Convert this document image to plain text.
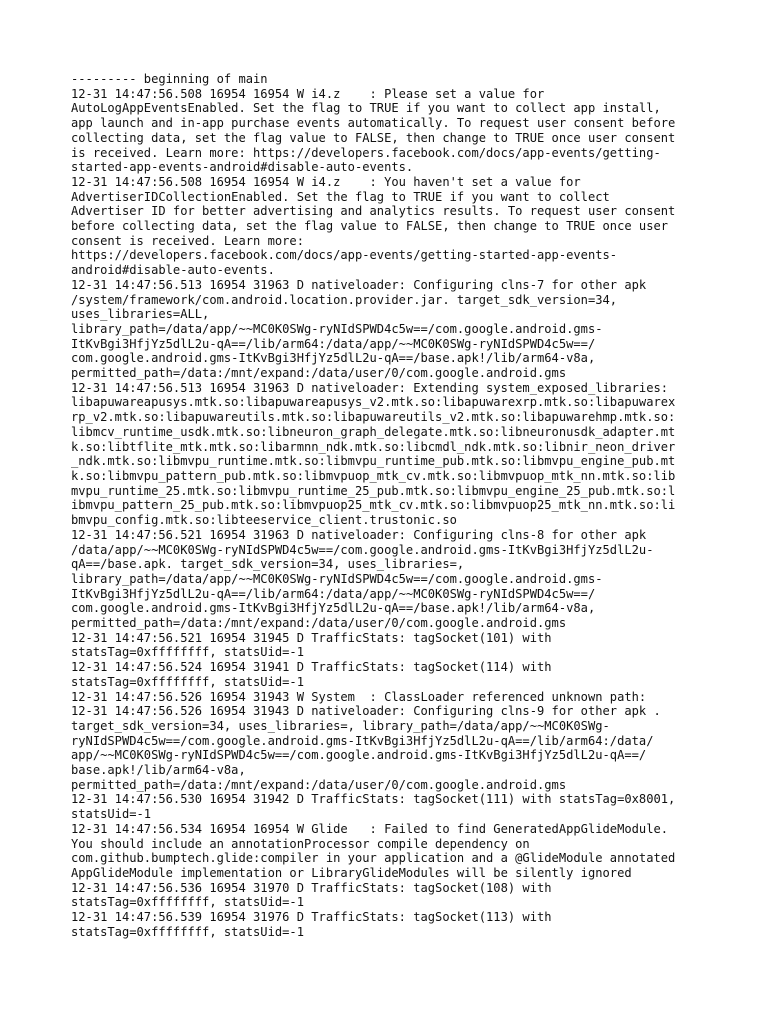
--------- beginning of main

12-31 14:47:56.508 16954 16954 W i4.z    : Please set a value for

AutoLogAppEventsEnabled. Set the flag to TRUE if you want to collect app install,

app launch and in-app purchase events automatically. To request user consent before

collecting data, set the flag value to FALSE, then change to TRUE once user consent

is received. Learn more: https://developers.facebook.com/docs/app-events/getting-

started-app-events-android#disable-auto-events.

12-31 14:47:56.508 16954 16954 W i4.z    : You haven't set a value for

AdvertiserIDCollectionEnabled. Set the flag to TRUE if you want to collect

Advertiser ID for better advertising and analytics results. To request user consent

before collecting data, set the flag value to FALSE, then change to TRUE once user

consent is received. Learn more:

https://developers.facebook.com/docs/app-events/getting-started-app-events-

android#disable-auto-events.

12-31 14:47:56.513 16954 31963 D nativeloader: Configuring clns-7 for other apk

/system/framework/com.android.location.provider.jar. target_sdk_version=34,

uses_libraries=ALL,

library_path=/data/app/~~MC0K0SWg-ryNIdSPWD4c5w==/com.google.android.gms-

ItKvBgi3HfjYz5dlL2u-qA==/lib/arm64:/data/app/~~MC0K0SWg-ryNIdSPWD4c5w==/

com.google.android.gms-ItKvBgi3HfjYz5dlL2u-qA==/base.apk!/lib/arm64-v8a,

permitted_path=/data:/mnt/expand:/data/user/0/com.google.android.gms

12-31 14:47:56.513 16954 31963 D nativeloader: Extending system_exposed_libraries:

libapuwareapusys.mtk.so:libapuwareapusys_v2.mtk.so:libapuwarexrp.mtk.so:libapuwarex

rp_v2.mtk.so:libapuwareutils.mtk.so:libapuwareutils_v2.mtk.so:libapuwarehmp.mtk.so:

libmcv_runtime_usdk.mtk.so:libneuron_graph_delegate.mtk.so:libneuronusdk_adapter.mt

k.so:libtflite_mtk.mtk.so:libarmnn_ndk.mtk.so:libcmdl_ndk.mtk.so:libnir_neon_driver

_ndk.mtk.so:libmvpu_runtime.mtk.so:libmvpu_runtime_pub.mtk.so:libmvpu_engine_pub.mt

k.so:libmvpu_pattern_pub.mtk.so:libmvpuop_mtk_cv.mtk.so:libmvpuop_mtk_nn.mtk.so:lib

mvpu_runtime_25.mtk.so:libmvpu_runtime_25_pub.mtk.so:libmvpu_engine_25_pub.mtk.so:l

ibmvpu_pattern_25_pub.mtk.so:libmvpuop25_mtk_cv.mtk.so:libmvpuop25_mtk_nn.mtk.so:li

bmvpu_config.mtk.so:libteeservice_client.trustonic.so

12-31 14:47:56.521 16954 31963 D nativeloader: Configuring clns-8 for other apk

/data/app/~~MC0K0SWg-ryNIdSPWD4c5w==/com.google.android.gms-ItKvBgi3HfjYz5dlL2u-

qA==/base.apk. target_sdk_version=34, uses_libraries=,

library_path=/data/app/~~MC0K0SWg-ryNIdSPWD4c5w==/com.google.android.gms-

ItKvBgi3HfjYz5dlL2u-qA==/lib/arm64:/data/app/~~MC0K0SWg-ryNIdSPWD4c5w==/

com.google.android.gms-ItKvBgi3HfjYz5dlL2u-qA==/base.apk!/lib/arm64-v8a,

permitted_path=/data:/mnt/expand:/data/user/0/com.google.android.gms

12-31 14:47:56.521 16954 31945 D TrafficStats: tagSocket(101) with

statsTag=0xffffffff, statsUid=-1

12-31 14:47:56.524 16954 31941 D TrafficStats: tagSocket(114) with

statsTag=0xffffffff, statsUid=-1

12-31 14:47:56.526 16954 31943 W System  : ClassLoader referenced unknown path:

12-31 14:47:56.526 16954 31943 D nativeloader: Configuring clns-9 for other apk .

target_sdk_version=34, uses_libraries=, library_path=/data/app/~~MC0K0SWg-

ryNIdSPWD4c5w==/com.google.android.gms-ItKvBgi3HfjYz5dlL2u-qA==/lib/arm64:/data/

app/~~MC0K0SWg-ryNIdSPWD4c5w==/com.google.android.gms-ItKvBgi3HfjYz5dlL2u-qA==/

base.apk!/lib/arm64-v8a,

permitted_path=/data:/mnt/expand:/data/user/0/com.google.android.gms

12-31 14:47:56.530 16954 31942 D TrafficStats: tagSocket(111) with statsTag=0x8001,

statsUid=-1

12-31 14:47:56.534 16954 16954 W Glide   : Failed to find GeneratedAppGlideModule.

You should include an annotationProcessor compile dependency on

com.github.bumptech.glide:compiler in your application and a @GlideModule annotated

AppGlideModule implementation or LibraryGlideModules will be silently ignored

12-31 14:47:56.536 16954 31970 D TrafficStats: tagSocket(108) with

statsTag=0xffffffff, statsUid=-1

12-31 14:47:56.539 16954 31976 D TrafficStats: tagSocket(113) with

statsTag=0xffffffff, statsUid=-1
